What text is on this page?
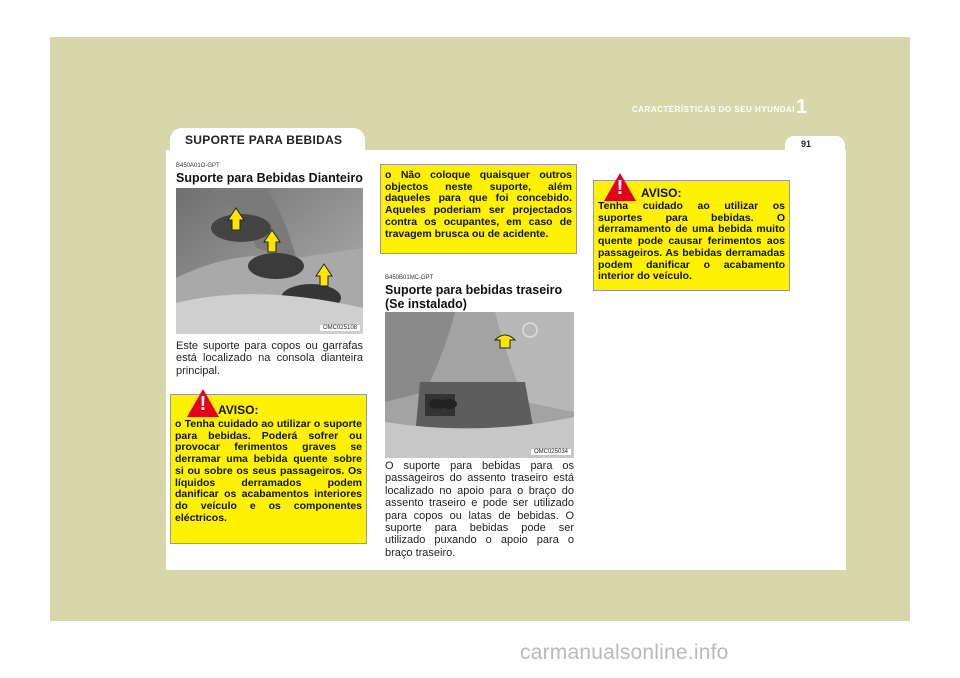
CARACTERÍSTICAS DO SEU HYUNDAI 1
91
SUPORTE PARA BEBIDAS
B450A01O-GPT
Suporte para Bebidas Dianteiro
OMC025108
Este suporte para copos ou garrafas está localizado na consola dianteira principal.
! AVISO:
o Tenha cuidado ao utilizar o suporte para bebidas. Poderá sofrer ou provocar ferimentos graves se derramar uma bebida quente sobre si ou sobre os seus passageiros. Os líquidos derramados podem danificar os acabamentos interiores do veículo e os componentes eléctricos.
o Não coloque quaisquer outros objectos neste suporte, além daqueles para que foi concebido. Aqueles poderiam ser projectados contra os ocupantes, em caso de travagem brusca ou de acidente.
B450B01MC-GPT
Suporte para bebidas traseiro (Se instalado)
OMC025034
O suporte para bebidas para os passageiros do assento traseiro está localizado no apoio para o braço do assento traseiro e pode ser utilizado para copos ou latas de bebidas. O suporte para bebidas pode ser utilizado puxando o apoio para o braço traseiro.
!	AVISO:
Tenha cuidado ao utilizar os suportes para bebidas. O derramamento de uma bebida muito quente pode causar ferimentos aos passageiros. As bebidas derramadas podem danificar o acabamento interior do veículo.
carmanualsonline.info
